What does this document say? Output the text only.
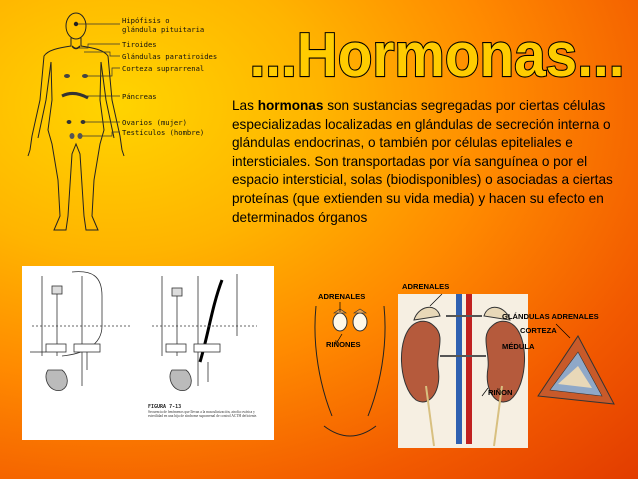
...Hormonas...
Las hormonas son sustancias segregadas por ciertas células especializadas localizadas en glándulas de secreción interna o glándulas endocrinas, o también por células epiteliales e intersticiales. Son transportadas por vía sanguínea o por el espacio intersticial, solas (biodisponibles) o asociadas a ciertas proteínas (que extienden su vida media) y hacen su efecto en determinados órganos
Hipófisis o
glándula pituitaria
Tiroides
Glándulas paratiroides
Corteza suprarrenal
Páncreas
Ovarios (mujer)
Testículos (hombre)
FIGURA 7-13
Secuencia de fenómenos que llevan a la masculinización, atrofia ovárica y esterilidad en una hija de síndrome suprarrenal de control ACTH deficiente.
ADRENALES
ADRENALES
RIÑONES
RIÑON
GLÁNDULAS ADRENALES
CORTEZA
MÉDULA
